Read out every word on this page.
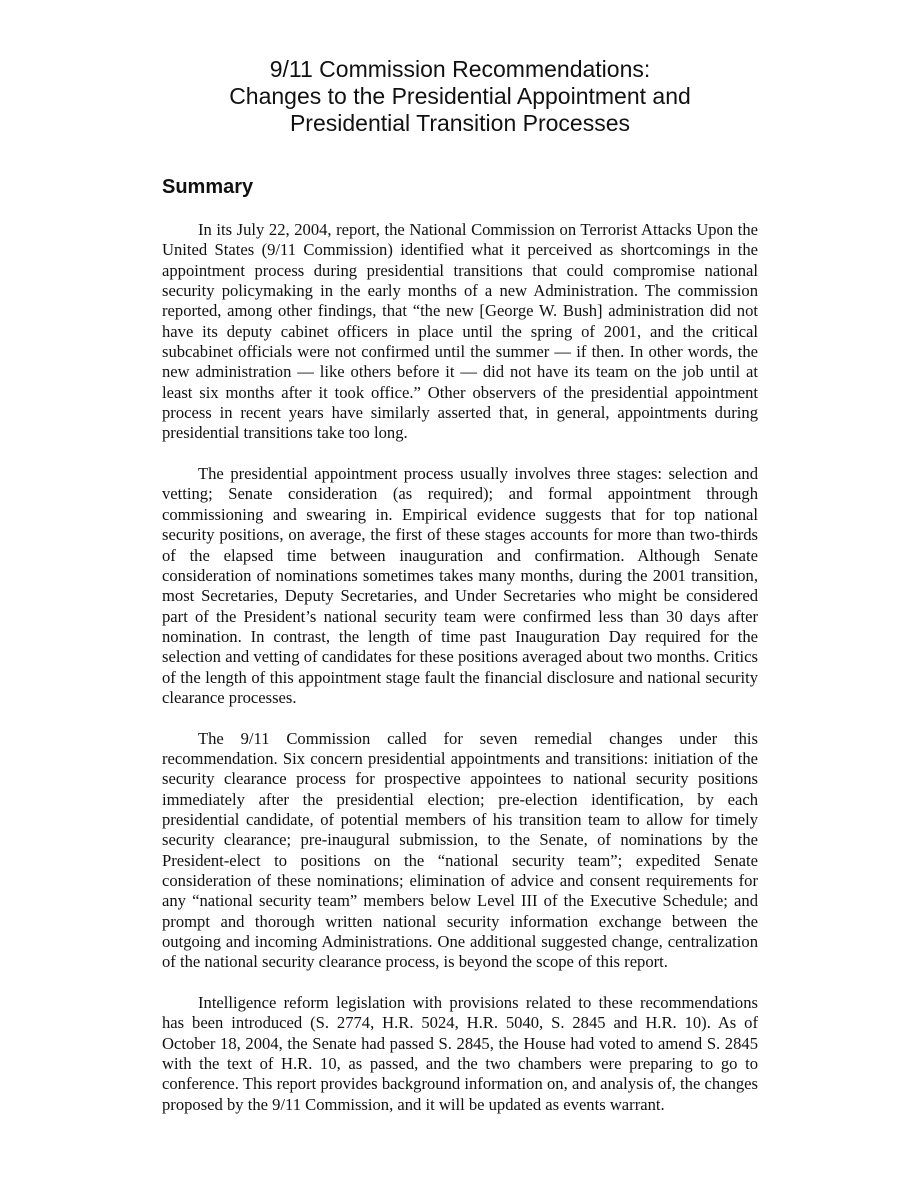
9/11 Commission Recommendations:
Changes to the Presidential Appointment and
Presidential Transition Processes
Summary

In its July 22, 2004, report, the National Commission on Terrorist Attacks Upon the United States (9/11 Commission) identified what it perceived as shortcomings in the appointment process during presidential transitions that could compromise national security policymaking in the early months of a new Administration. The commission reported, among other findings, that “the new [George W. Bush] administration did not have its deputy cabinet officers in place until the spring of 2001, and the critical subcabinet officials were not confirmed until the summer — if then. In other words, the new administration — like others before it — did not have its team on the job until at least six months after it took office.” Other observers of the presidential appointment process in recent years have similarly asserted that, in general, appointments during presidential transitions take too long.

The presidential appointment process usually involves three stages: selection and vetting; Senate consideration (as required); and formal appointment through commissioning and swearing in. Empirical evidence suggests that for top national security positions, on average, the first of these stages accounts for more than two-thirds of the elapsed time between inauguration and confirmation. Although Senate consideration of nominations sometimes takes many months, during the 2001 transition, most Secretaries, Deputy Secretaries, and Under Secretaries who might be considered part of the President’s national security team were confirmed less than 30 days after nomination. In contrast, the length of time past Inauguration Day required for the selection and vetting of candidates for these positions averaged about two months. Critics of the length of this appointment stage fault the financial disclosure and national security clearance processes.

The 9/11 Commission called for seven remedial changes under this recommendation. Six concern presidential appointments and transitions: initiation of the security clearance process for prospective appointees to national security positions immediately after the presidential election; pre-election identification, by each presidential candidate, of potential members of his transition team to allow for timely security clearance; pre-inaugural submission, to the Senate, of nominations by the President-elect to positions on the “national security team”; expedited Senate consideration of these nominations; elimination of advice and consent requirements for any “national security team” members below Level III of the Executive Schedule; and prompt and thorough written national security information exchange between the outgoing and incoming Administrations. One additional suggested change, centralization of the national security clearance process, is beyond the scope of this report.

Intelligence reform legislation with provisions related to these recommendations has been introduced (S. 2774, H.R. 5024, H.R. 5040, S. 2845 and H.R. 10). As of October 18, 2004, the Senate had passed S. 2845, the House had voted to amend S. 2845 with the text of H.R. 10, as passed, and the two chambers were preparing to go to conference. This report provides background information on, and analysis of, the changes proposed by the 9/11 Commission, and it will be updated as events warrant.
